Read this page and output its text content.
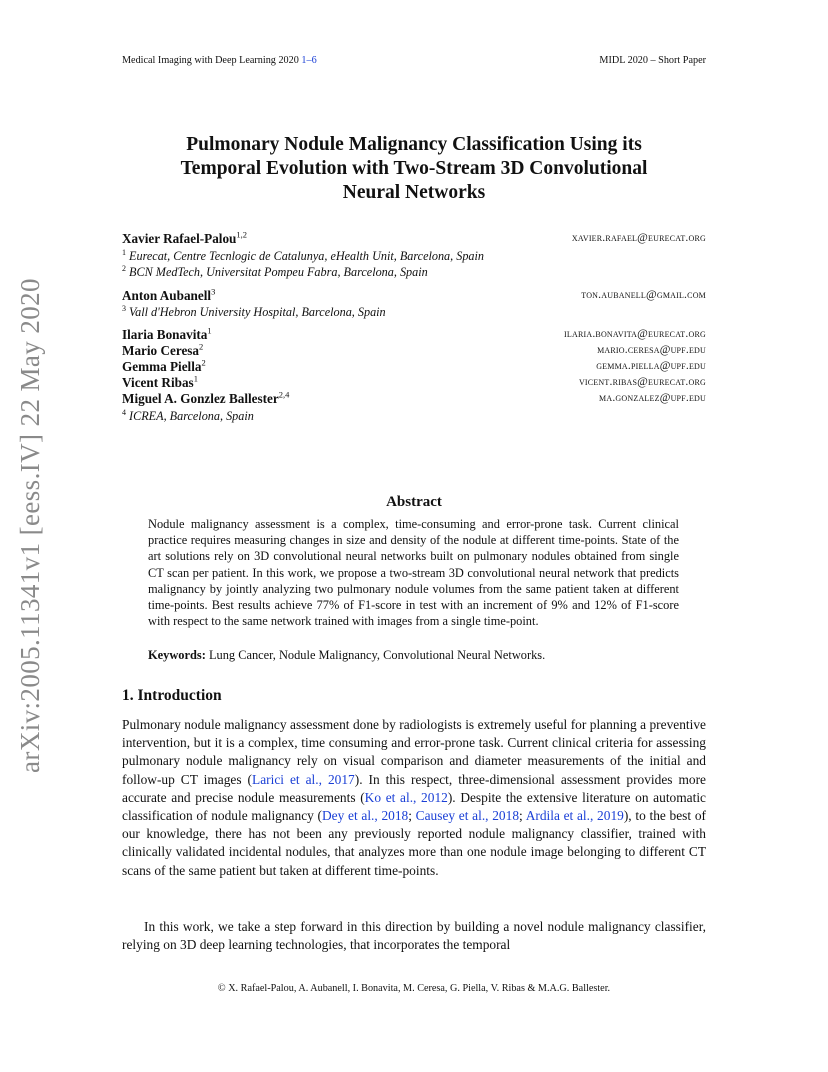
arXiv:2005.11341v1 [eess.IV] 22 May 2020
Medical Imaging with Deep Learning 2020 1–6	MIDL 2020 – Short Paper
Pulmonary Nodule Malignancy Classification Using its
Temporal Evolution with Two-Stream 3D Convolutional
Neural Networks
Xavier Rafael-Palou$^{1,2}$	xavier.rafael@eurecat.org
$^1$ Eurecat, Centre Tecnlogic de Catalunya, eHealth Unit, Barcelona, Spain
$^2$ BCN MedTech, Universitat Pompeu Fabra, Barcelona, Spain
Anton Aubanell$^3$	ton.aubanell@gmail.com
$^3$ Vall d'Hebron University Hospital, Barcelona, Spain
Ilaria Bonavita$^1$	ilaria.bonavita@eurecat.org
Mario Ceresa$^2$	mario.ceresa@upf.edu
Gemma Piella$^2$	gemma.piella@upf.edu
Vicent Ribas$^1$	vicent.ribas@eurecat.org
Miguel A. Gonzlez Ballester$^{2,4}$	ma.gonzalez@upf.edu
$^4$ ICREA, Barcelona, Spain
Abstract
Nodule malignancy assessment is a complex, time-consuming and error-prone task. Current clinical practice requires measuring changes in size and density of the nodule at different time-points. State of the art solutions rely on 3D convolutional neural networks built on pulmonary nodules obtained from single CT scan per patient. In this work, we propose a two-stream 3D convolutional neural network that predicts malignancy by jointly analyzing two pulmonary nodule volumes from the same patient taken at different time-points. Best results achieve 77% of F1-score in test with an increment of 9% and 12% of F1-score with respect to the same network trained with images from a single time-point.
Keywords: Lung Cancer, Nodule Malignancy, Convolutional Neural Networks.
1. Introduction
Pulmonary nodule malignancy assessment done by radiologists is extremely useful for planning a preventive intervention, but it is a complex, time consuming and error-prone task. Current clinical criteria for assessing pulmonary nodule malignancy rely on visual comparison and diameter measurements of the initial and follow-up CT images (Larici et al., 2017). In this respect, three-dimensional assessment provides more accurate and precise nodule measurements (Ko et al., 2012). Despite the extensive literature on automatic classification of nodule malignancy (Dey et al., 2018; Causey et al., 2018; Ardila et al., 2019), to the best of our knowledge, there has not been any previously reported nodule malignancy classifier, trained with clinically validated incidental nodules, that analyzes more than one nodule image belonging to different CT scans of the same patient but taken at different time-points.
In this work, we take a step forward in this direction by building a novel nodule malignancy classifier, relying on 3D deep learning technologies, that incorporates the temporal
© X. Rafael-Palou, A. Aubanell, I. Bonavita, M. Ceresa, G. Piella, V. Ribas & M.A.G. Ballester.
